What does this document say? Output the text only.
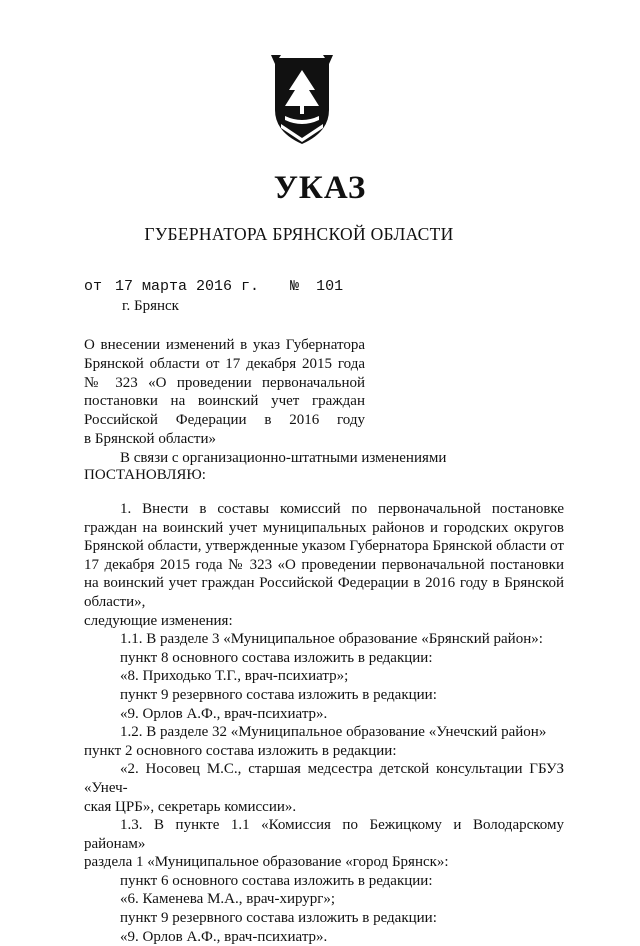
УКАЗ
ГУБЕРНАТОРА БРЯНСКОЙ ОБЛАСТИ
от 17 марта 2016 г. № 101
г. Брянск
О внесении изменений в указ Губернатора
Брянской области от 17 декабря 2015 года
№ 323 «О проведении первоначальной
постановки на воинский учет граждан
Российской Федерации в 2016 году
в Брянской области»
В связи с организационно-штатными изменениями
ПОСТАНОВЛЯЮ:

1. Внести в составы комиссий по первоначальной постановке граждан на воинский учет муниципальных районов и городских округов Брянской области, утвержденные указом Губернатора Брянской области от 17 декабря 2015 года № 323 «О проведении первоначальной постановки на воинский учет граждан Российской Федерации в 2016 году в Брянской области»,
следующие изменения:

1.1. В разделе 3 «Муниципальное образование «Брянский район»:

пункт 8 основного состава изложить в редакции:

«8. Приходько Т.Г., врач-психиатр»;

пункт 9 резервного состава изложить в редакции:

«9. Орлов А.Ф., врач-психиатр».

1.2. В разделе 32 «Муниципальное образование «Унечский район»
пункт 2 основного состава изложить в редакции:

«2. Носовец М.С., старшая медсестра детской консультации ГБУЗ «Унеч-
ская ЦРБ», секретарь комиссии».

1.3. В пункте 1.1 «Комиссия по Бежицкому и Володарскому районам»
раздела 1 «Муниципальное образование «город Брянск»:

пункт 6 основного состава изложить в редакции:

«6. Каменева М.А., врач-хирург»;

пункт 9 резервного состава изложить в редакции:

«9. Орлов А.Ф., врач-психиатр».
